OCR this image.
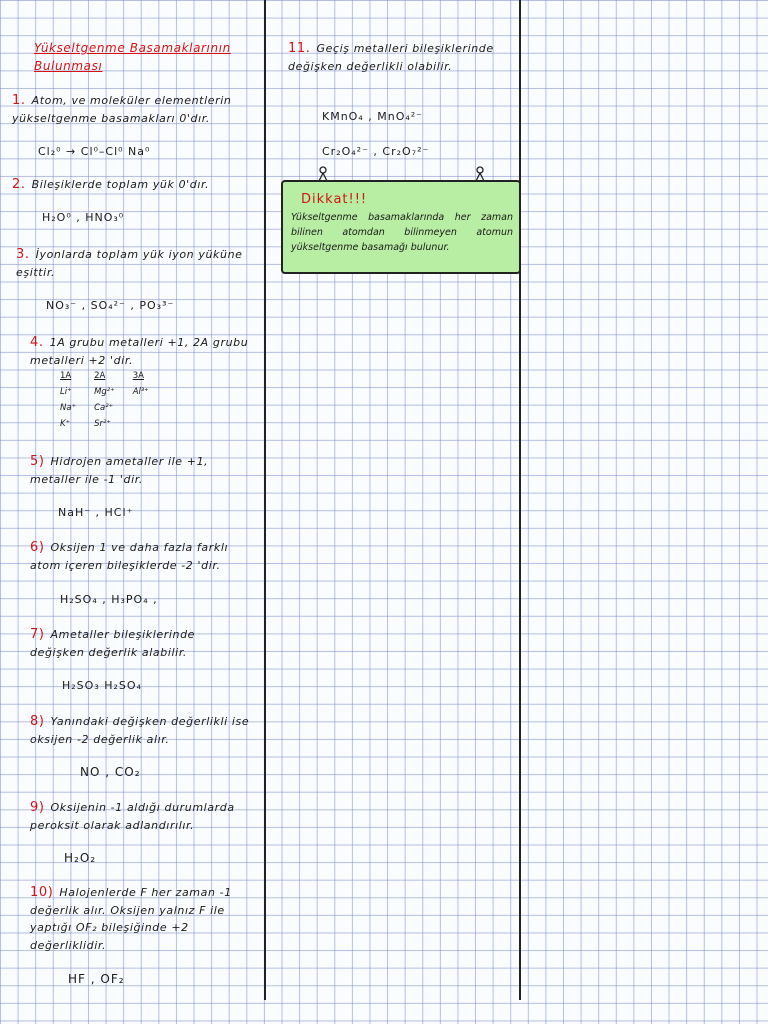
Yükseltgenme Basamaklarının
Bulunması
1. Atom, ve moleküler elementlerin yükseltgenme basamakları 0'dır.
Cl₂⁰ → Cl⁰–Cl⁰ Na⁰
2. Bileşiklerde toplam yük 0'dır.
H₂O⁰ , HNO₃⁰
3. İyonlarda toplam yük iyon yüküne eşittir.
NO₃⁻ , SO₄²⁻ , PO₃³⁻
4. 1A grubu metalleri +1, 2A grubu metalleri +2 'dir.
1A	2A	3A
Li⁺	Mg²⁺	Al³⁺
Na⁺	Ca²⁺	
K⁺	Sr²⁺	
5) Hidrojen ametaller ile +1, metaller ile -1 'dir.
NaH⁻ , HCl⁺
6) Oksijen 1 ve daha fazla farklı atom içeren bileşiklerde -2 'dir.
H₂SO₄ , H₃PO₄ ,
7) Ametaller bileşiklerinde değişken değerlik alabilir.
H₂SO₃ H₂SO₄
8) Yanındaki değişken değerlikli ise oksijen -2 değerlik alır.
NO , CO₂
9) Oksijenin -1 aldığı durumlarda peroksit olarak adlandırılır.
H₂O₂
10) Halojenlerde F her zaman -1 değerlik alır. Oksijen yalnız F ile yaptığı OF₂ bileşiğinde +2 değerliklidir.
HF , OF₂
11. Geçiş metalleri bileşiklerinde değişken değerlikli olabilir.
KMnO₄ , MnO₄²⁻
Cr₂O₄²⁻ , Cr₂O₇²⁻
Dikkat!!!
Yükseltgenme basamaklarında her zaman bilinen atomdan bilinmeyen atomun yükseltgenme basamağı bulunur.
